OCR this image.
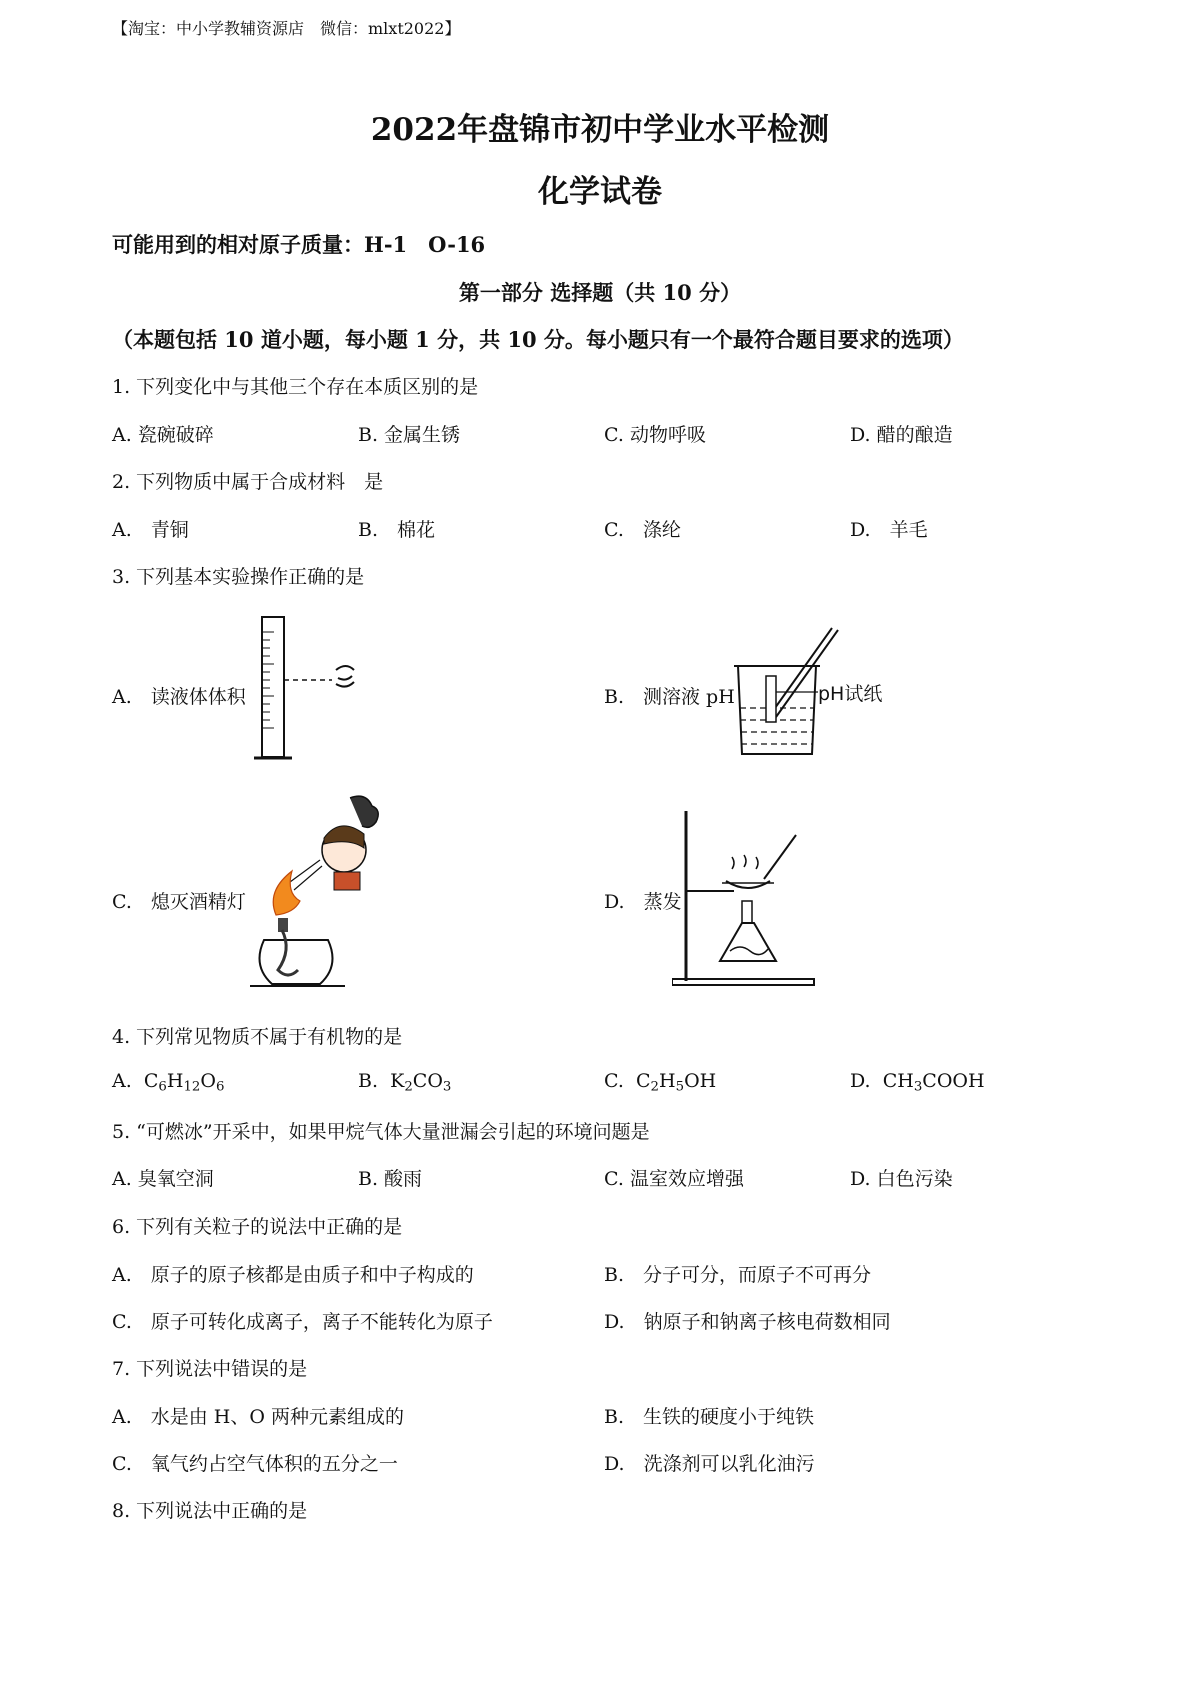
【淘宝：中小学教辅资源店　微信：mlxt2022】
2022年盘锦市初中学业水平检测
化学试卷
可能用到的相对原子质量：H-1　O-16
第一部分 选择题（共 10 分）
（本题包括 10 道小题，每小题 1 分，共 10 分。每小题只有一个最符合题目要求的选项）
1. 下列变化中与其他三个存在本质区别的是
A. 瓷碗破碎	B. 金属生锈	C. 动物呼吸	D. 醋的酿造
2. 下列物质中属于合成材料　是
A.　青铜	B.　棉花	C.　涤纶	D.　羊毛
3. 下列基本实验操作正确的是
A.　读液体体积	B.　测溶液 pH	pH试纸
C.　熄灭酒精灯	D.　蒸发
4. 下列常见物质不属于有机物的是
A. $C_6H_{12}O_6$	B. $K_2CO_3$	C. $C_2H_5OH$	D. $CH_3COOH$
5. “可燃冰”开采中，如果甲烷气体大量泄漏会引起的环境问题是
A. 臭氧空洞	B. 酸雨	C. 温室效应增强	D. 白色污染
6. 下列有关粒子的说法中正确的是
A.　原子的原子核都是由质子和中子构成的	B.　分子可分，而原子不可再分
C.　原子可转化成离子，离子不能转化为原子	D.　钠原子和钠离子核电荷数相同
7. 下列说法中错误的是
A.　水是由 H、O 两种元素组成的	B.　生铁的硬度小于纯铁
C.　氧气约占空气体积的五分之一	D.　洗涤剂可以乳化油污
8. 下列说法中正确的是
